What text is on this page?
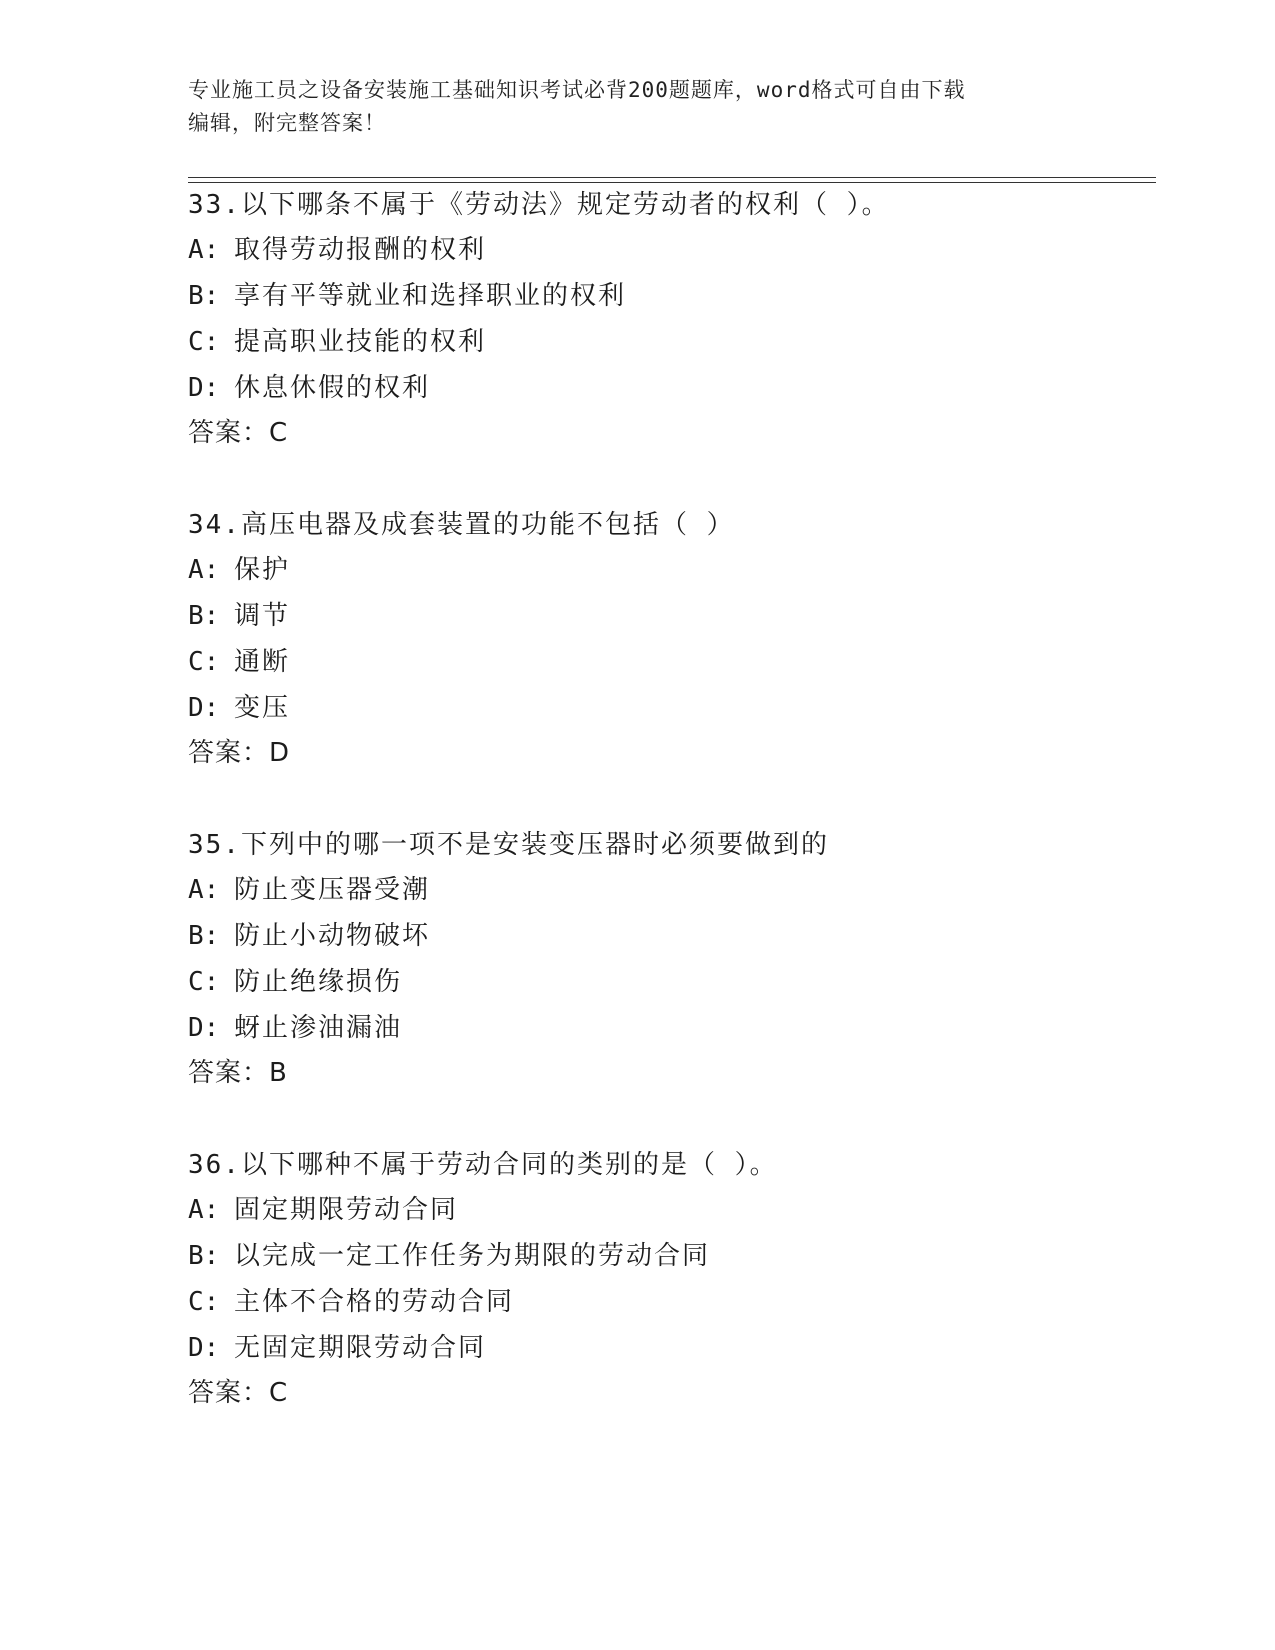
专业施工员之设备安装施工基础知识考试必背200题题库，word格式可自由下载
编辑，附完整答案！
33.以下哪条不属于《劳动法》规定劳动者的权利（ ）。
A: 取得劳动报酬的权利
B: 享有平等就业和选择职业的权利
C: 提高职业技能的权利
D: 休息休假的权利
答案：C
34.高压电器及成套装置的功能不包括（ ）
A: 保护
B: 调节
C: 通断
D: 变压
答案：D
35.下列中的哪一项不是安装变压器时必须要做到的
A: 防止变压器受潮
B: 防止小动物破坏
C: 防止绝缘损伤
D: 蚜止渗油漏油
答案：B
36.以下哪种不属于劳动合同的类别的是（ ）。
A: 固定期限劳动合同
B: 以完成一定工作任务为期限的劳动合同
C: 主体不合格的劳动合同
D: 无固定期限劳动合同
答案：C
